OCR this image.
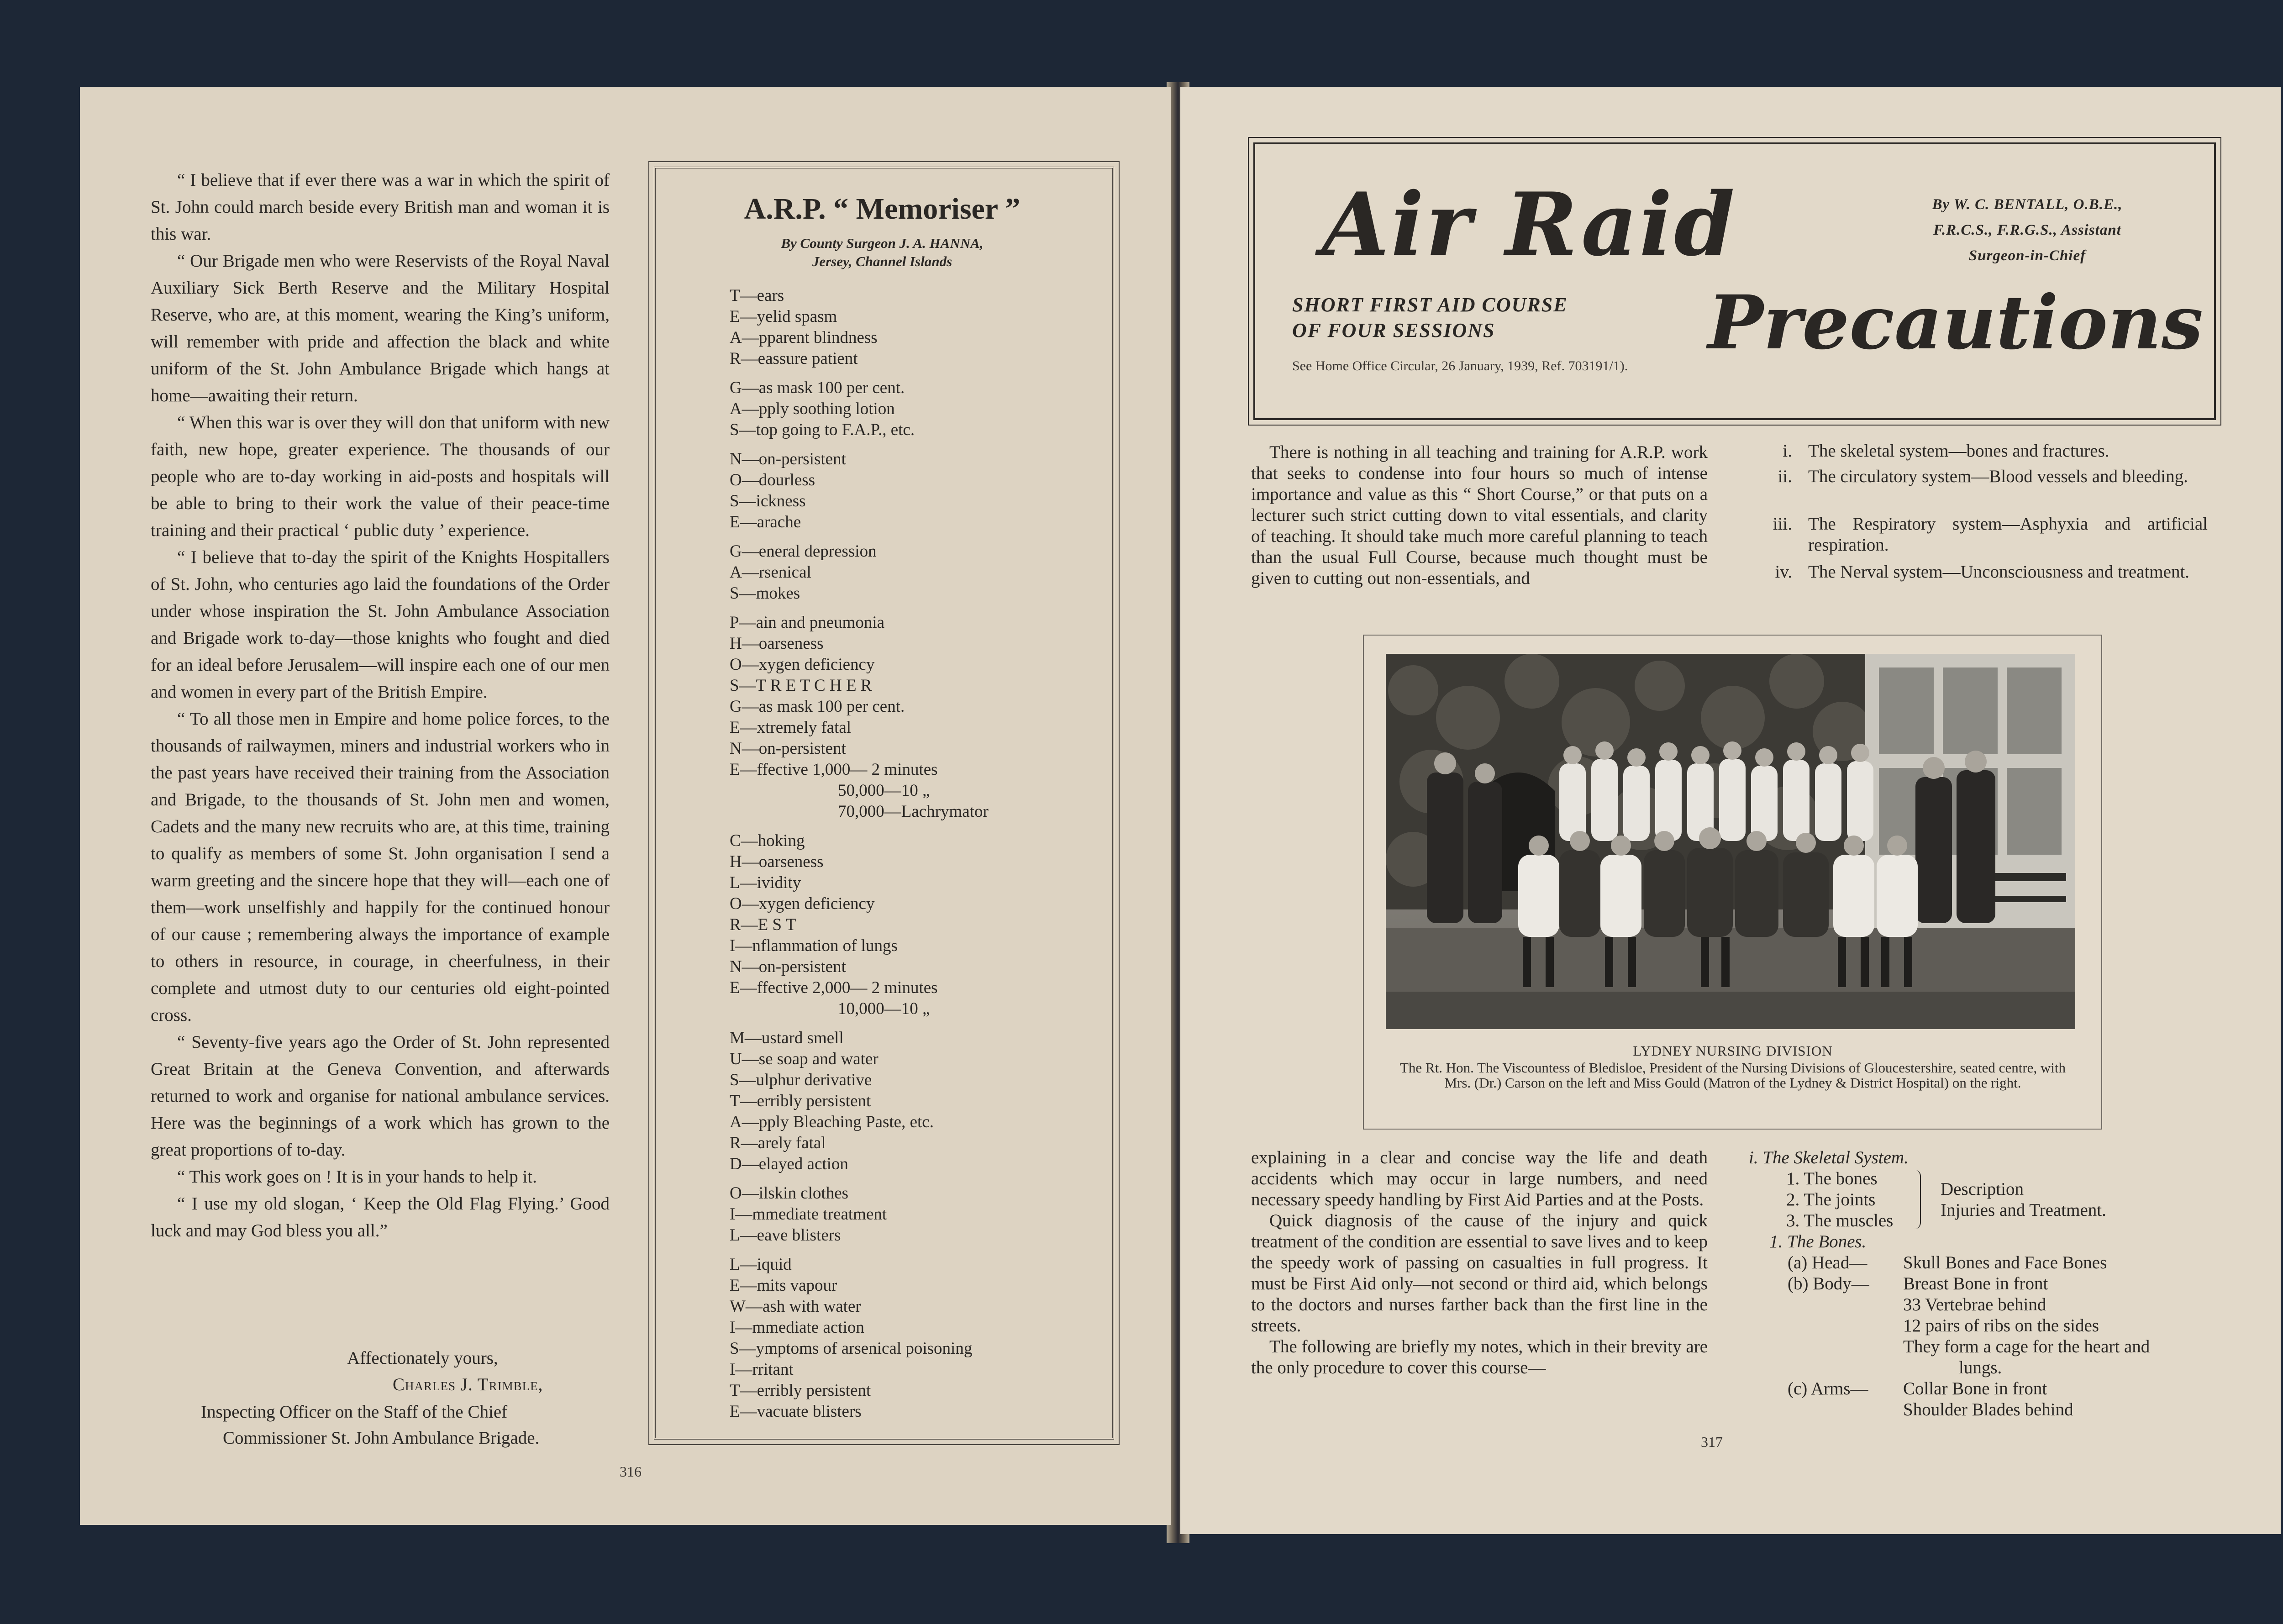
“ I believe that if ever there was a war in which the spirit of St. John could march beside every British man and woman it is this war.

“ Our Brigade men who were Reservists of the Royal Naval Auxiliary Sick Berth Reserve and the Military Hospital Reserve, who are, at this moment, wearing the King’s uniform, will remember with pride and affection the black and white uniform of the St. John Ambulance Brigade which hangs at home—awaiting their return.

“ When this war is over they will don that uniform with new faith, new hope, greater experience. The thousands of our people who are to-day working in aid-posts and hospitals will be able to bring to their work the value of their peace-time training and their practical ‘ public duty ’ experience.

“ I believe that to-day the spirit of the Knights Hospitallers of St. John, who centuries ago laid the foundations of the Order under whose inspiration the St. John Ambulance Association and Brigade work to-day—those knights who fought and died for an ideal before Jerusalem—will inspire each one of our men and women in every part of the British Empire.

“ To all those men in Empire and home police forces, to the thousands of railwaymen, miners and industrial workers who in the past years have received their training from the Association and Brigade, to the thousands of St. John men and women, Cadets and the many new recruits who are, at this time, training to qualify as members of some St. John organisation I send a warm greeting and the sincere hope that they will—each one of them—work unselfishly and happily for the continued honour of our cause ; remembering always the importance of example to others in resource, in courage, in cheerfulness, in their complete and utmost duty to our centuries old eight-pointed cross.

“ Seventy-five years ago the Order of St. John represented Great Britain at the Geneva Convention, and afterwards returned to work and organise for national ambulance services. Here was the beginnings of a work which has grown to the great proportions of to-day.

“ This work goes on ! It is in your hands to help it.

“ I use my old slogan, ‘ Keep the Old Flag Flying.’ Good luck and may God bless you all.”

Affectionately yours,
Charles J. Trimble,
Inspecting Officer on the Staff of the Chief
Commissioner St. John Ambulance Brigade.
316
A.R.P. “ Memoriser ”
By County Surgeon J. A. HANNA,
Jersey, Channel Islands
T—ears
E—yelid spasm
A—pparent blindness
R—eassure patient
G—as mask 100 per cent.
A—pply soothing lotion
S—top going to F.A.P., etc.
N—on-persistent
O—dourless
S—ickness
E—arache
G—eneral depression
A—rsenical
S—mokes
P—ain and pneumonia
H—oarseness
O—xygen deficiency
S—T R E T C H E R
G—as mask 100 per cent.
E—xtremely fatal
N—on-persistent
E—ffective 1,000— 2 minutes
50,000—10 „
70,000—Lachrymator
C—hoking
H—oarseness
L—ividity
O—xygen deficiency
R—E S T
I—nflammation of lungs
N—on-persistent
E—ffective 2,000— 2 minutes
10,000—10 „
M—ustard smell
U—se soap and water
S—ulphur derivative
T—erribly persistent
A—pply Bleaching Paste, etc.
R—arely fatal
D—elayed action
O—ilskin clothes
I—mmediate treatment
L—eave blisters
L—iquid
E—mits vapour
W—ash with water
I—mmediate action
S—ymptoms of arsenical poisoning
I—rritant
T—erribly persistent
E—vacuate blisters
Air Raid
Precautions
By W. C. BENTALL, O.B.E.,
F.R.C.S., F.R.G.S., Assistant
Surgeon-in-Chief
SHORT FIRST AID COURSE
OF FOUR SESSIONS
See Home Office Circular, 26 January, 1939, Ref. 703191/1).

There is nothing in all teaching and training for A.R.P. work that seeks to condense into four hours so much of intense importance and value as this “ Short Course,” or that puts on a lecturer such strict cutting down to vital essentials, and clarity of teaching. It should take much more careful planning to teach than the usual Full Course, because much thought must be given to cutting out non-essentials, and

i. The skeletal system—bones and fractures.
ii. The circulatory system—Blood vessels and bleeding.
iii. The Respiratory system—Asphyxia and artificial respiration.
iv. The Nerval system—Unconsciousness and treatment.
LYDNEY NURSING DIVISION
The Rt. Hon. The Viscountess of Bledisloe, President of the Nursing Divisions of Gloucestershire, seated centre, with Mrs. (Dr.) Carson on the left and Miss Gould (Matron of the Lydney & District Hospital) on the right.

explaining in a clear and concise way the life and death accidents which may occur in large numbers, and need necessary speedy handling by First Aid Parties and at the Posts.

Quick diagnosis of the cause of the injury and quick treatment of the condition are essential to save lives and to keep the speedy work of passing on casualties in full progress. It must be First Aid only—not second or third aid, which belongs to the doctors and nurses farther back than the first line in the streets.

The following are briefly my notes, which in their brevity are the only procedure to cover this course—

i. The Skeletal System.
1. The bones
2. The joints
3. The muscles
Description
Injuries and Treatment.
1. The Bones.
(a) Head— Skull Bones and Face Bones
(b) Body— Breast Bone in front
33 Vertebrae behind
12 pairs of ribs on the sides
They form a cage for the heart and
lungs.
(c) Arms— Collar Bone in front
Shoulder Blades behind
317
